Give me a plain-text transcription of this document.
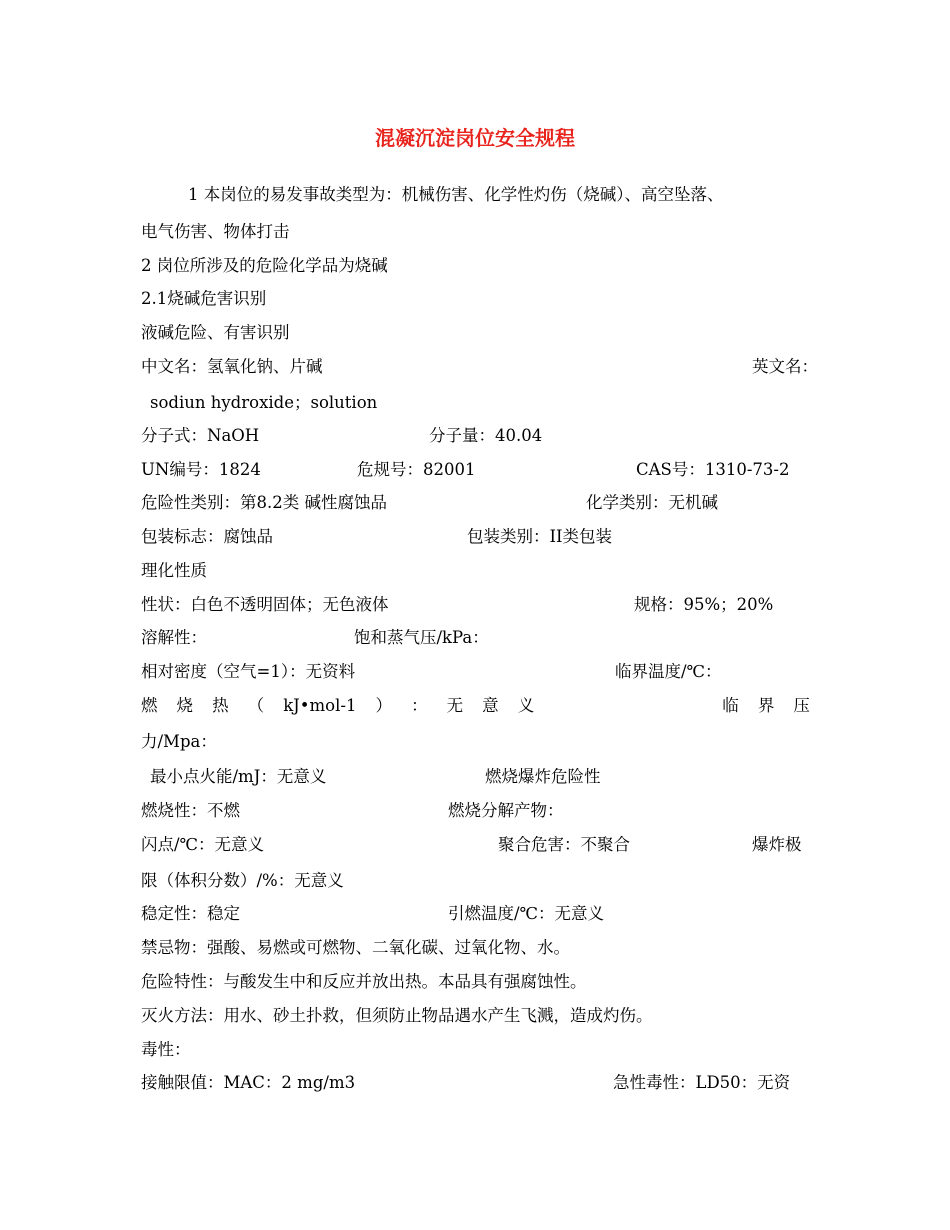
混凝沉淀岗位安全规程
1 本岗位的易发事故类型为：机械伤害、化学性灼伤（烧碱）、高空坠落、
电气伤害、物体打击
2 岗位所涉及的危险化学品为烧碱
2.1烧碱危害识别
液碱危险、有害识别
中文名：氢氧化钠、片碱	英文名：
sodiun hydroxide；solution
分子式：NaOH	分子量：40.04
UN编号：1824	危规号：82001	CAS号：1310-73-2
危险性类别：第8.2类 碱性腐蚀品	化学类别：无机碱
包装标志：腐蚀品	包装类别：II类包装
理化性质
性状：白色不透明固体；无色液体	规格：95%；20%
溶解性：	饱和蒸气压/kPa：
相对密度（空气=1）：无资料	临界温度/℃：
燃 烧 热 （ kJ•mol-1 ） ： 无 意 义	临 界 压
力/Mpa：
最小点火能/mJ：无意义	燃烧爆炸危险性
燃烧性：不燃	燃烧分解产物：
闪点/℃：无意义	聚合危害：不聚合	爆炸极
限（体积分数）/%：无意义
稳定性：稳定	引燃温度/℃：无意义
禁忌物：强酸、易燃或可燃物、二氧化碳、过氧化物、水。
危险特性：与酸发生中和反应并放出热。本品具有强腐蚀性。
灭火方法：用水、砂土扑救，但须防止物品遇水产生飞溅，造成灼伤。
毒性：
接触限值：MAC：2 mg/m3	急性毒性：LD50：无资
